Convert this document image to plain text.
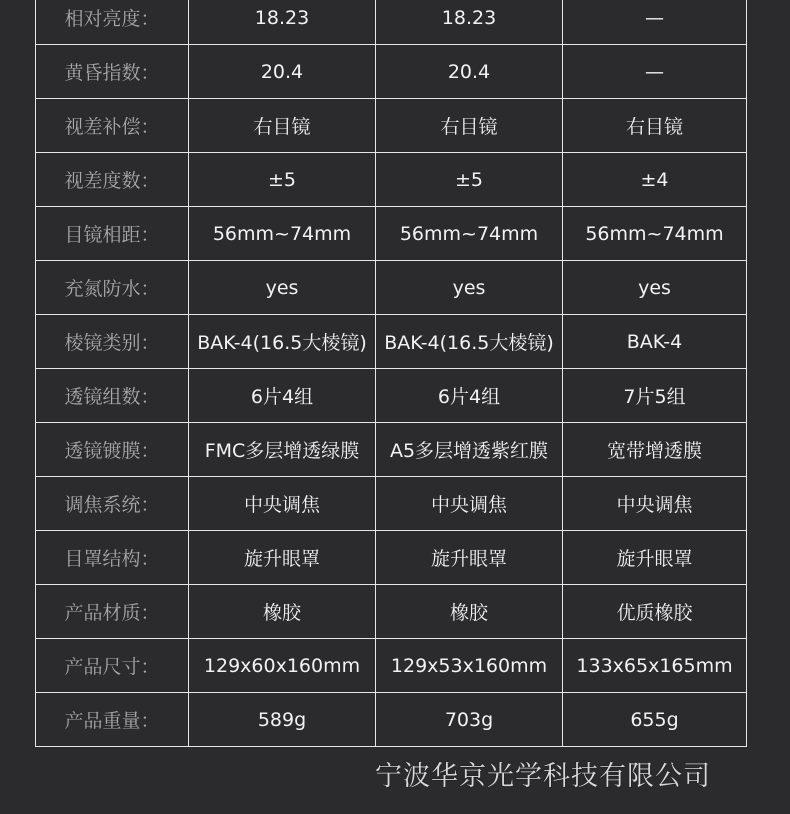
相对亮度：	18.23	18.23	—
黄昏指数：	20.4	20.4	—
视差补偿：	右目镜	右目镜	右目镜
视差度数：	±5	±5	±4
目镜相距：	56mm~74mm	56mm~74mm	56mm~74mm
充氮防水：	yes	yes	yes
棱镜类别：	BAK-4(16.5大棱镜)	BAK-4(16.5大棱镜)	BAK-4
透镜组数：	6片4组	6片4组	7片5组
透镜镀膜：	FMC多层增透绿膜	A5多层增透紫红膜	宽带增透膜
调焦系统：	中央调焦	中央调焦	中央调焦
目罩结构：	旋升眼罩	旋升眼罩	旋升眼罩
产品材质：	橡胶	橡胶	优质橡胶
产品尺寸：	129x60x160mm	129x53x160mm	133x65x165mm
产品重量：	589g	703g	655g
宁波华京光学科技有限公司
